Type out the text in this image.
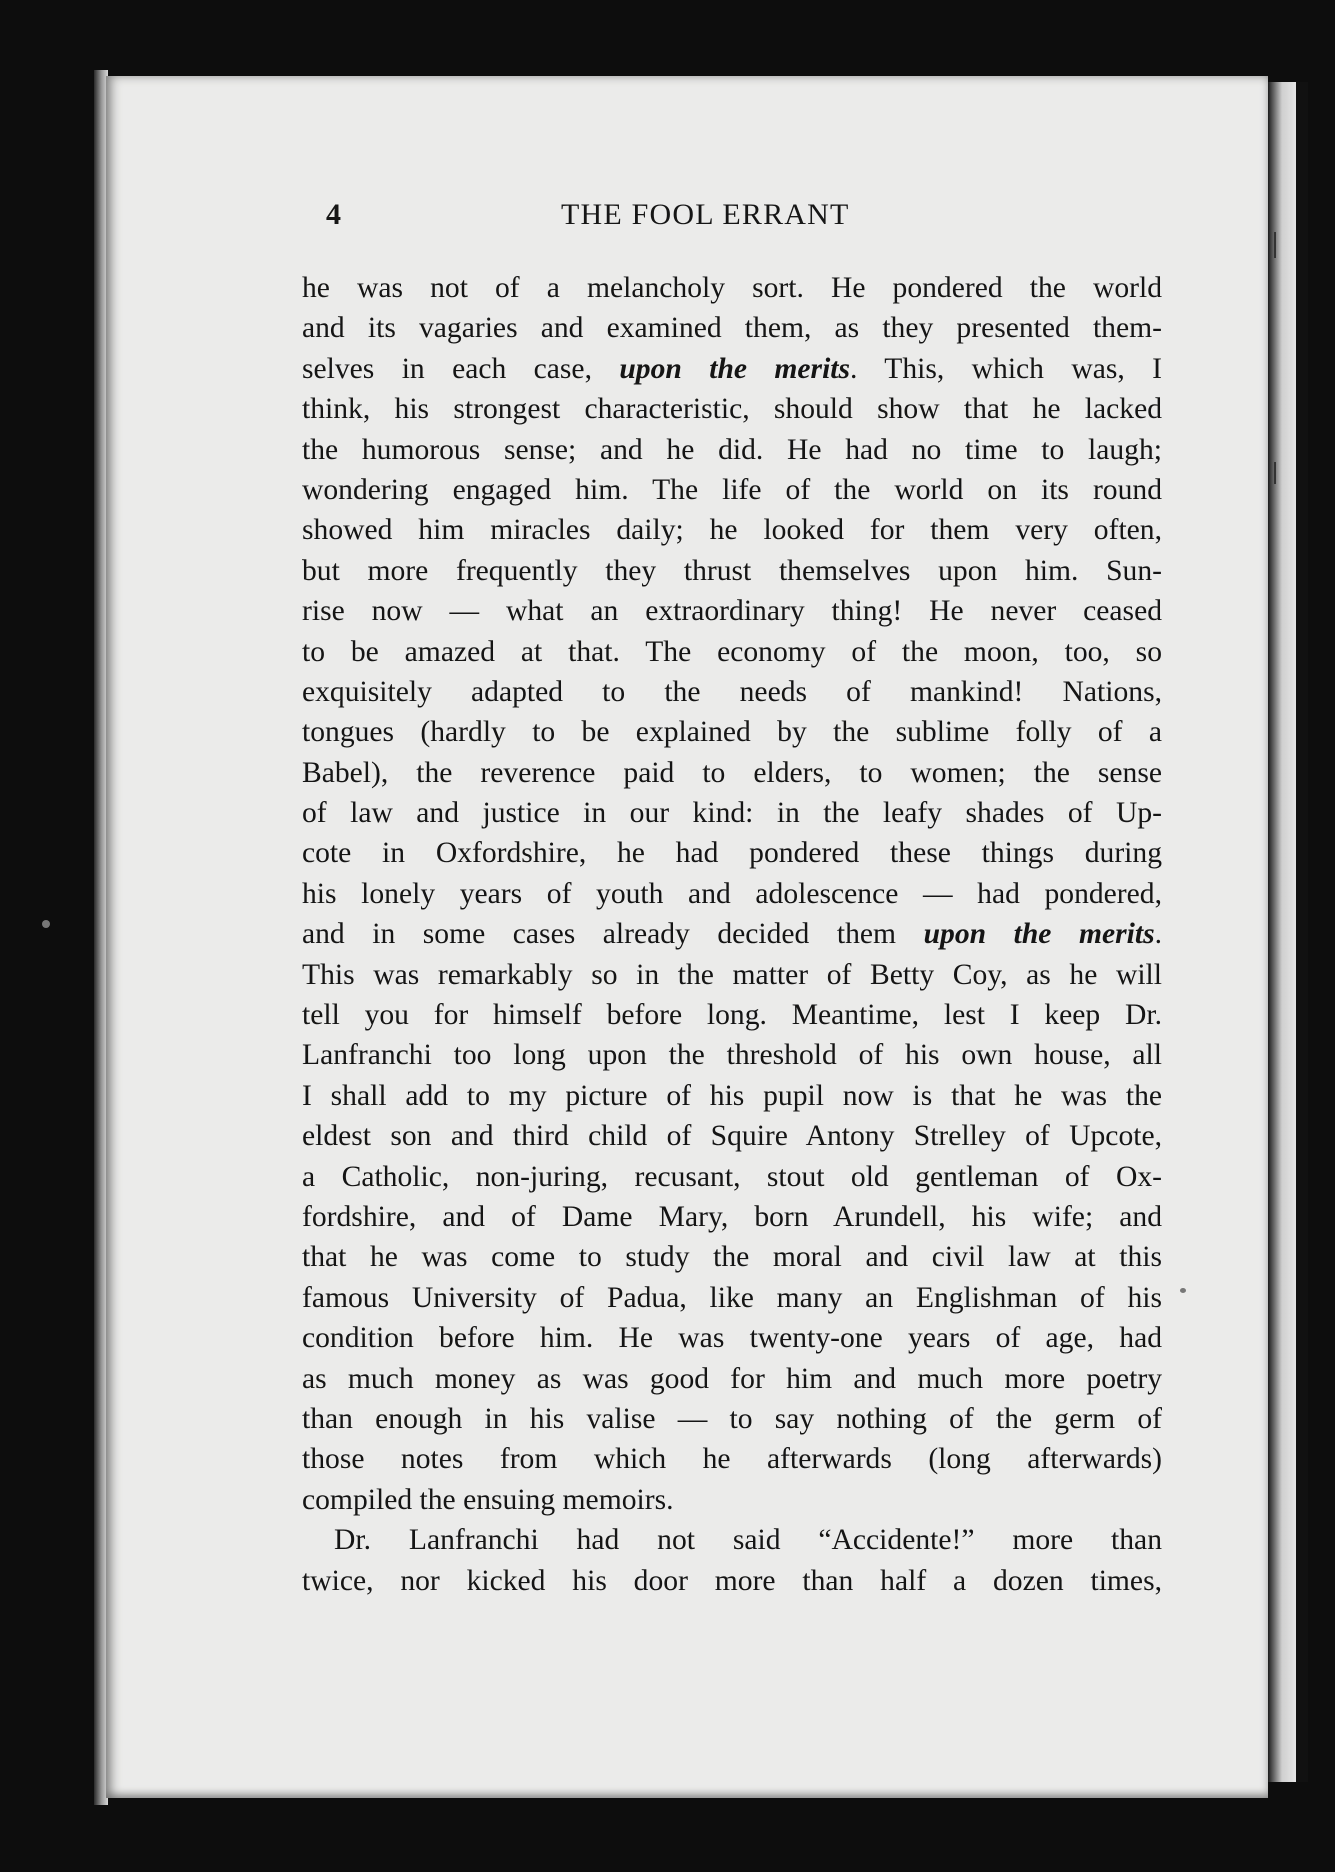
4	THE FOOL ERRANT
he was not of a melancholy sort. He pondered the world
and its vagaries and examined them, as they presented them-
selves in each case, upon the merits. This, which was, I
think, his strongest characteristic, should show that he lacked
the humorous sense; and he did. He had no time to laugh;
wondering engaged him. The life of the world on its round
showed him miracles daily; he looked for them very often,
but more frequently they thrust themselves upon him. Sun-
rise now — what an extraordinary thing! He never ceased
to be amazed at that. The economy of the moon, too, so
exquisitely adapted to the needs of mankind! Nations,
tongues (hardly to be explained by the sublime folly of a
Babel), the reverence paid to elders, to women; the sense
of law and justice in our kind: in the leafy shades of Up-
cote in Oxfordshire, he had pondered these things during
his lonely years of youth and adolescence — had pondered,
and in some cases already decided them upon the merits.
This was remarkably so in the matter of Betty Coy, as he will
tell you for himself before long. Meantime, lest I keep Dr.
Lanfranchi too long upon the threshold of his own house, all
I shall add to my picture of his pupil now is that he was the
eldest son and third child of Squire Antony Strelley of Upcote,
a Catholic, non-juring, recusant, stout old gentleman of Ox-
fordshire, and of Dame Mary, born Arundell, his wife; and
that he was come to study the moral and civil law at this
famous University of Padua, like many an Englishman of his
condition before him. He was twenty-one years of age, had
as much money as was good for him and much more poetry
than enough in his valise — to say nothing of the germ of
those notes from which he afterwards (long afterwards)
compiled the ensuing memoirs.
Dr. Lanfranchi had not said “Accidente!” more than
twice, nor kicked his door more than half a dozen times,
